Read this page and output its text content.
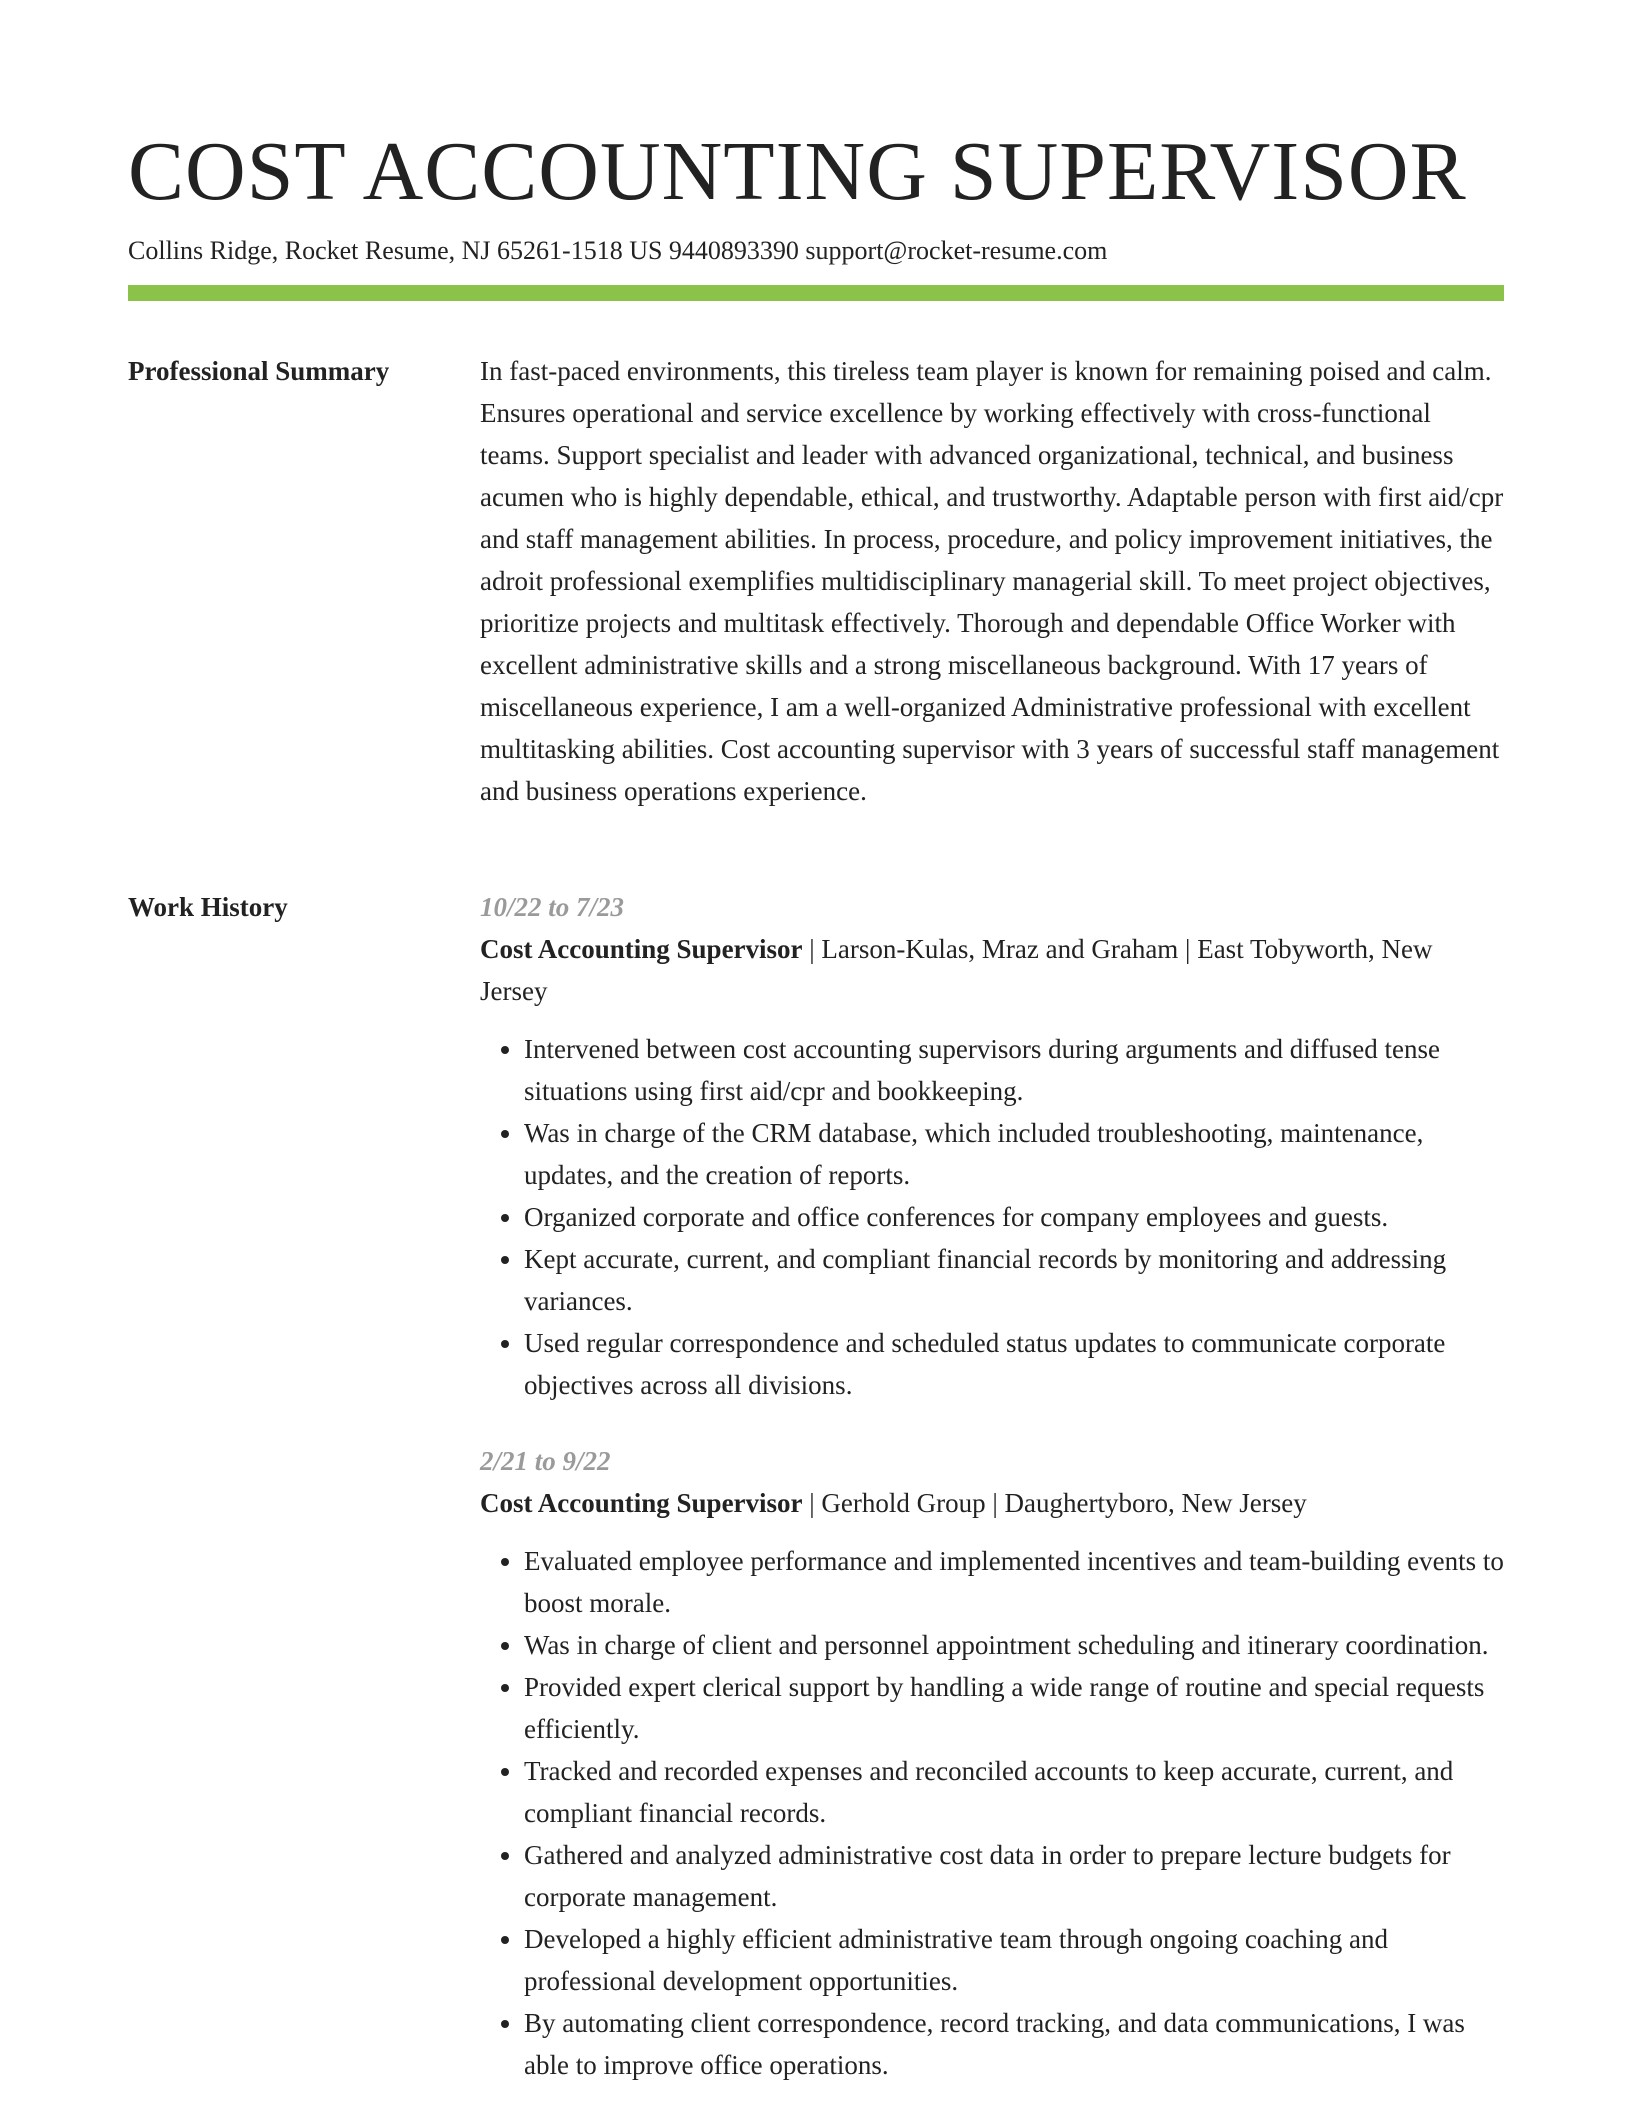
COST ACCOUNTING SUPERVISOR
Collins Ridge, Rocket Resume, NJ 65261-1518 US 9440893390 support@rocket-resume.com
Professional Summary	In fast-paced environments, this tireless team player is known for remaining poised and calm. Ensures operational and service excellence by working effectively with cross-functional teams. Support specialist and leader with advanced organizational, technical, and business acumen who is highly dependable, ethical, and trustworthy. Adaptable person with first aid/cpr and staff management abilities. In process, procedure, and policy improvement initiatives, the adroit professional exemplifies multidisciplinary managerial skill. To meet project objectives, prioritize projects and multitask effectively. Thorough and dependable Office Worker with excellent administrative skills and a strong miscellaneous background. With 17 years of miscellaneous experience, I am a well-organized Administrative professional with excellent multitasking abilities. Cost accounting supervisor with 3 years of successful staff management and business operations experience.
Work History	10/22 to 7/23
Cost Accounting Supervisor | Larson-Kulas, Mraz and Graham | East Tobyworth, New Jersey
• Intervened between cost accounting supervisors during arguments and diffused tense situations using first aid/cpr and bookkeeping.
• Was in charge of the CRM database, which included troubleshooting, maintenance, updates, and the creation of reports.
• Organized corporate and office conferences for company employees and guests.
• Kept accurate, current, and compliant financial records by monitoring and addressing variances.
• Used regular correspondence and scheduled status updates to communicate corporate objectives across all divisions.
2/21 to 9/22
Cost Accounting Supervisor | Gerhold Group | Daughertyboro, New Jersey
• Evaluated employee performance and implemented incentives and team-building events to boost morale.
• Was in charge of client and personnel appointment scheduling and itinerary coordination.
• Provided expert clerical support by handling a wide range of routine and special requests efficiently.
• Tracked and recorded expenses and reconciled accounts to keep accurate, current, and compliant financial records.
• Gathered and analyzed administrative cost data in order to prepare lecture budgets for corporate management.
• Developed a highly efficient administrative team through ongoing coaching and professional development opportunities.
• By automating client correspondence, record tracking, and data communications, I was able to improve office operations.
